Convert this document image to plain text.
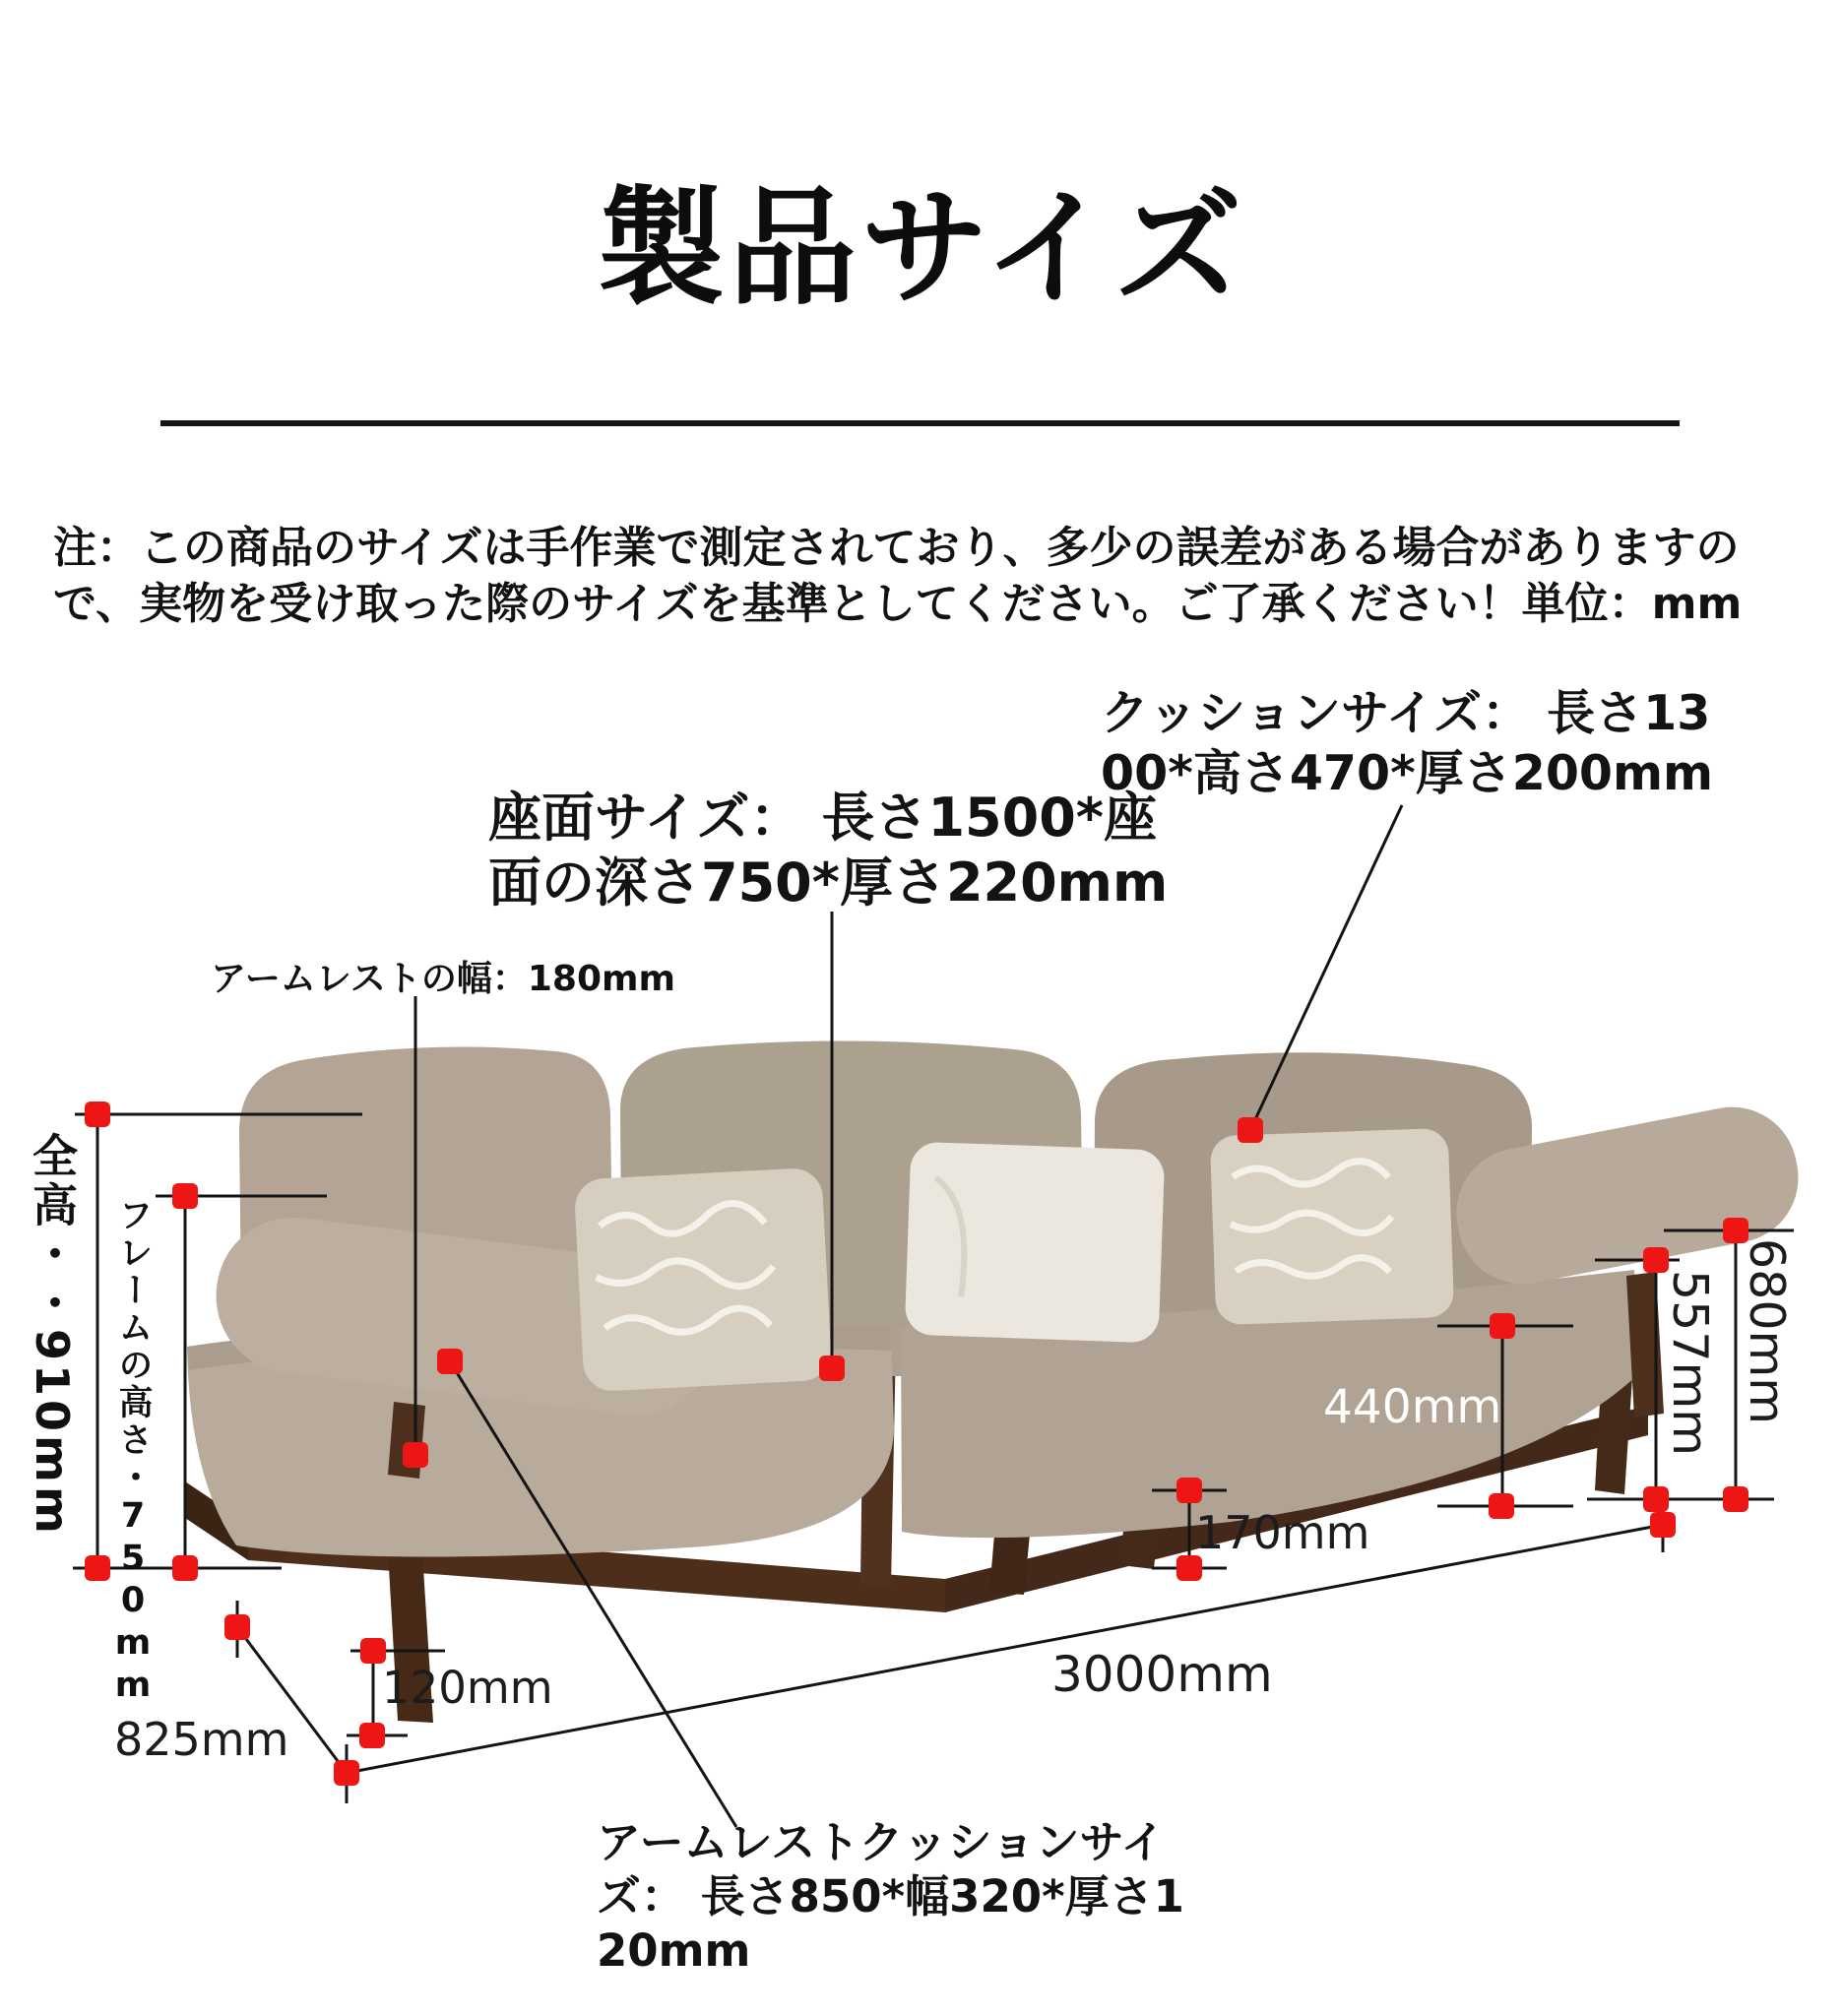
製品サイズ
注：この商品のサイズは手作業で測定されており、多少の誤差がある場合がありますの
で、実物を受け取った際のサイズを基準としてください。ご了承ください！単位：mm
クッションサイズ： 長さ13
00*高さ470*厚さ200mm
座面サイズ： 長さ1500*座
面の深さ750*厚さ220mm
アームレストの幅：180mm
アームレストクッションサイ
ズ： 長さ850*幅320*厚さ1
20mm
全高・・910mm フレームの高さ・750mm	440mm	557mm 680mm
170mm
120mm
825mm
3000mm
